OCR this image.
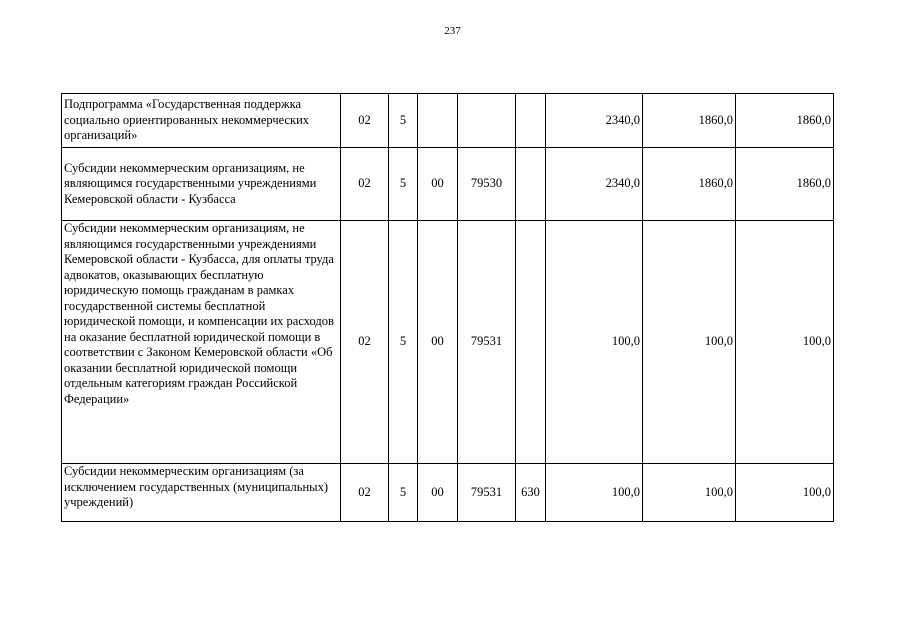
237
Подпрограмма «Государственная поддержка социально ориентированных некоммерческих организаций»	02	5				2340,0	1860,0	1860,0
Субсидии некоммерческим организациям, не являющимся государственными учреждениями Кемеровской области - Кузбасса	02	5	00	79530		2340,0	1860,0	1860,0
Субсидии некоммерческим организациям, не являющимся государственными учреждениями Кемеровской области - Кузбасса, для оплаты труда адвокатов, оказывающих бесплатную юридическую помощь гражданам в рамках государственной системы бесплатной юридической помощи, и компенсации их расходов на оказание бесплатной юридической помощи в соответствии с Законом Кемеровской области «Об оказании бесплатной юридической помощи отдельным категориям граждан Российской Федерации»	02	5	00	79531		100,0	100,0	100,0
Субсидии некоммерческим организациям (за исключением государственных (муниципальных) учреждений)	02	5	00	79531	630	100,0	100,0	100,0
